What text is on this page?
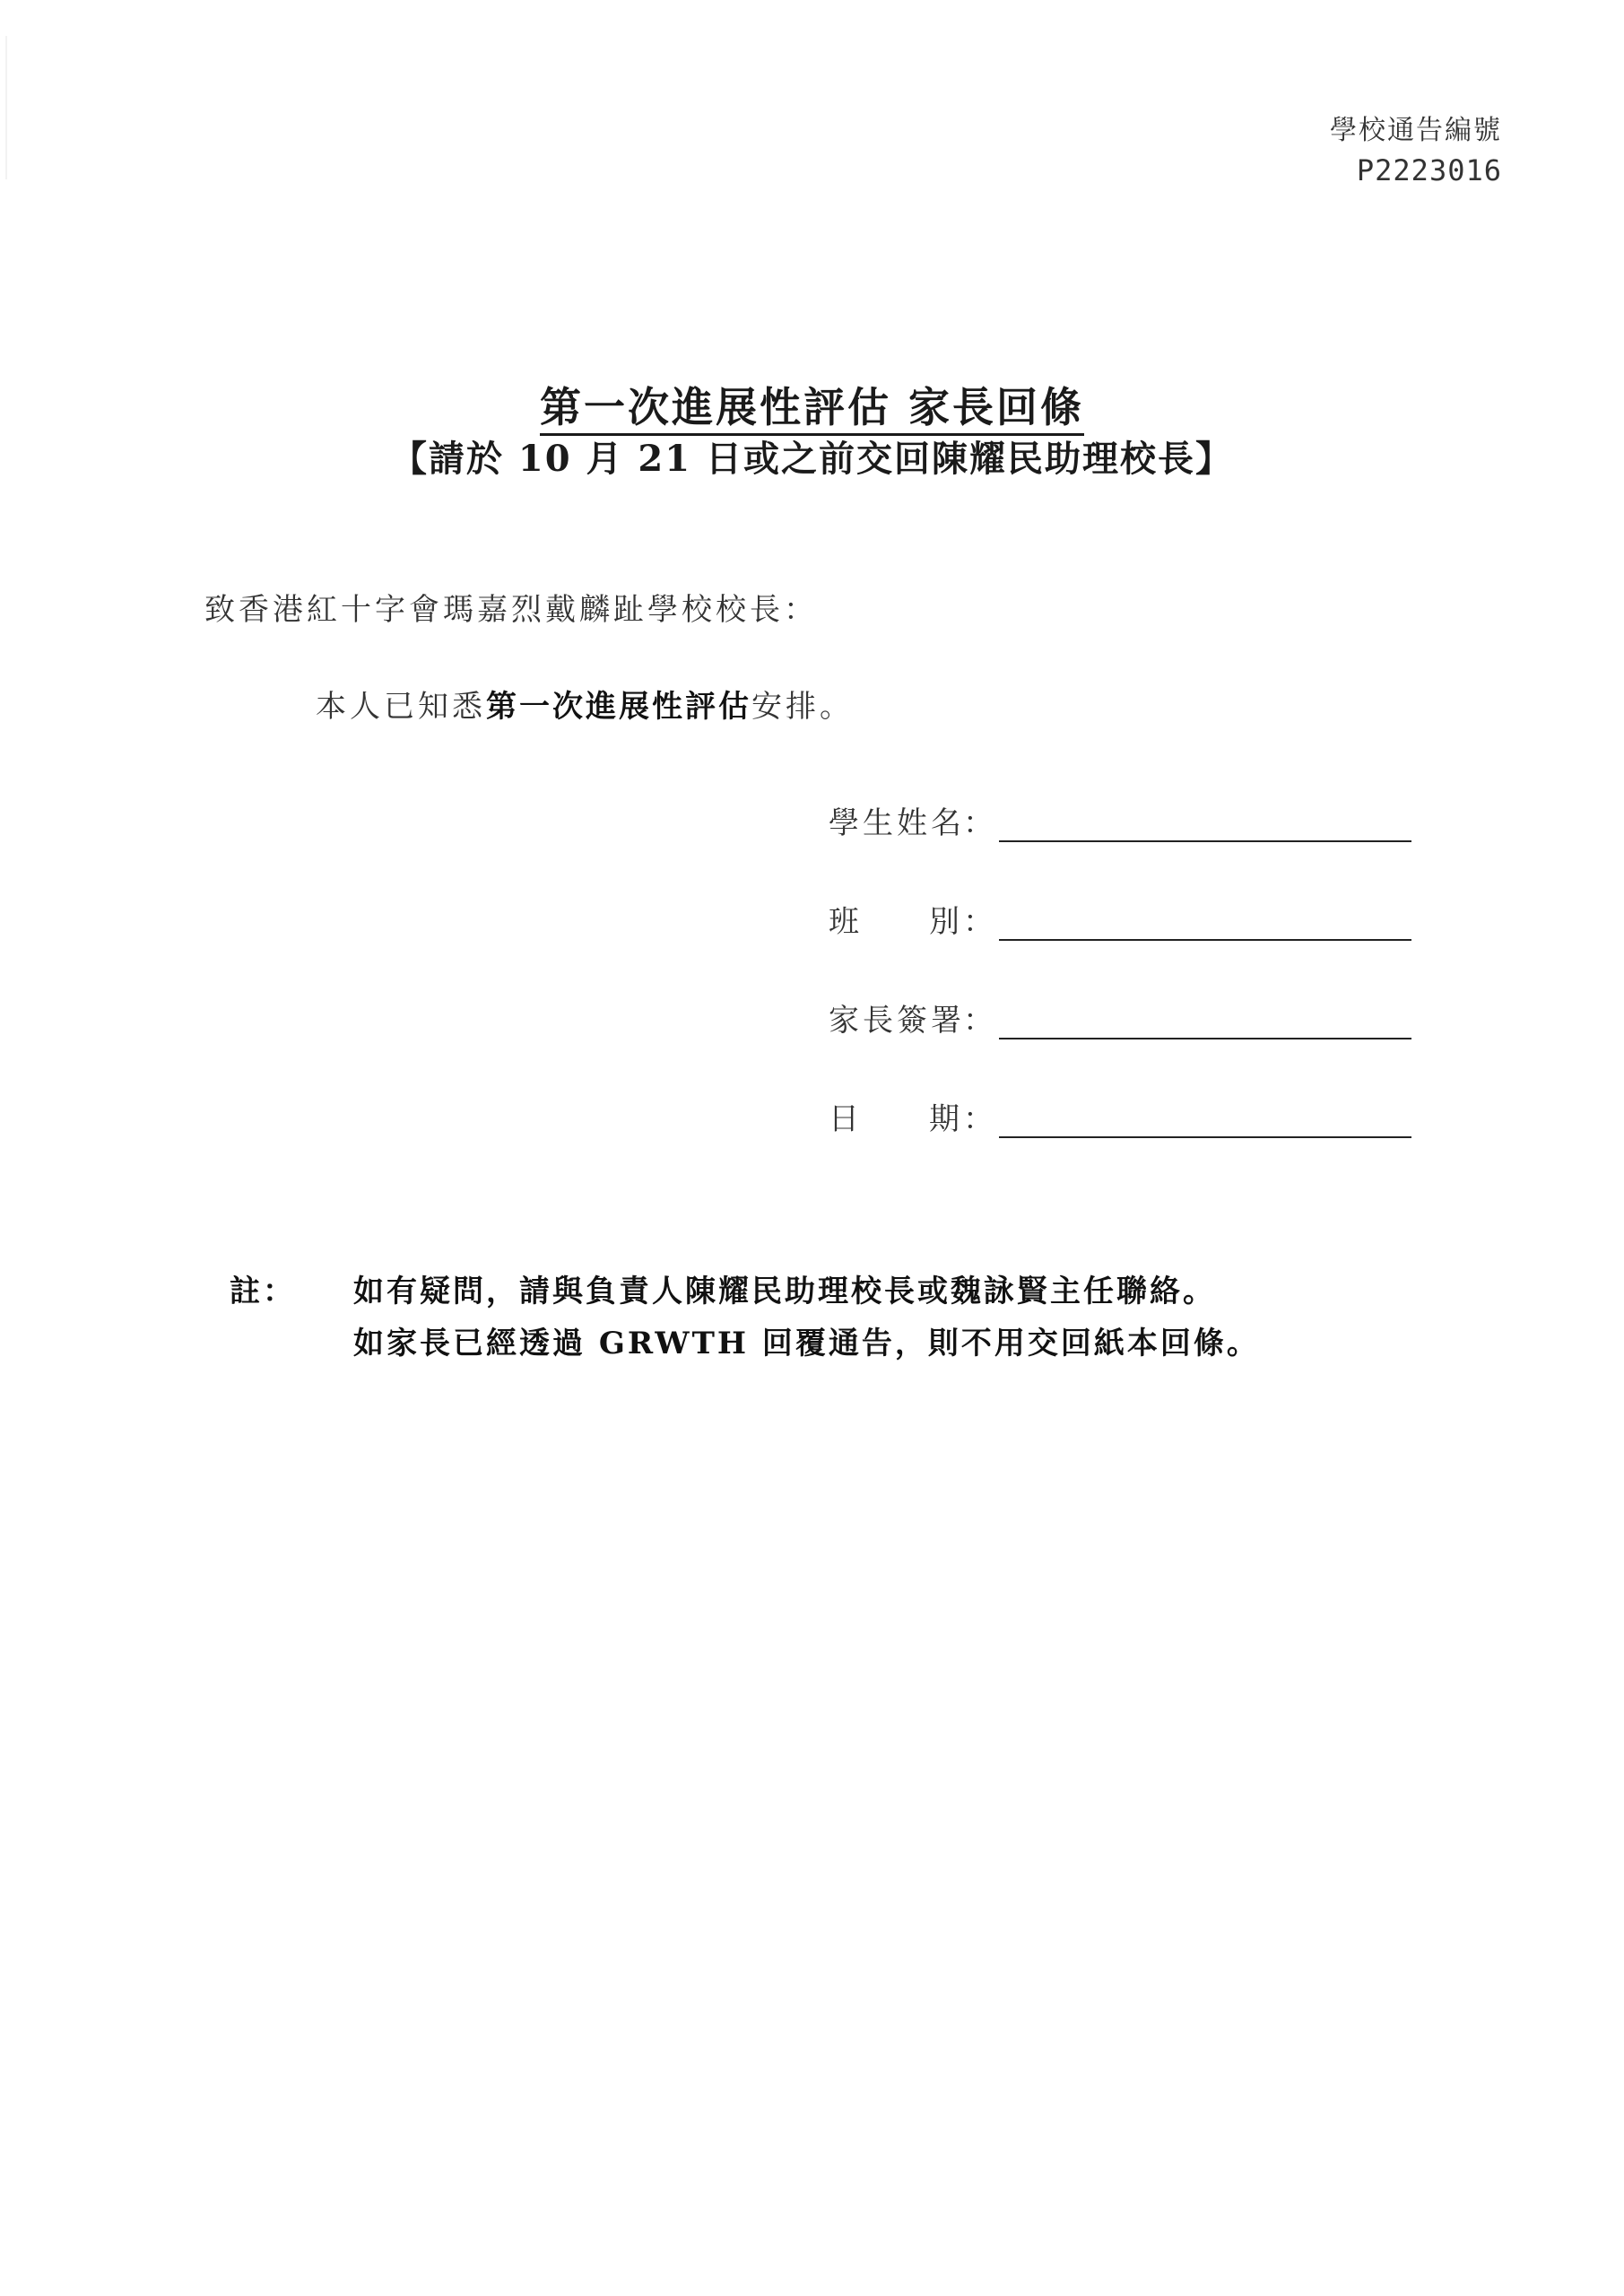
學校通告編號
P2223016
第一次進展性評估 家長回條
【請於 10 月 21 日或之前交回陳耀民助理校長】
致香港紅十字會瑪嘉烈戴麟趾學校校長：
本人已知悉第一次進展性評估安排。
學生姓名
：
班 別 ：
家長簽署
：
日 期 ：
註：	如有疑問，請與負責人陳耀民助理校長或魏詠賢主任聯絡。
如家長已經透過 GRWTH 回覆通告，則不用交回紙本回條。
